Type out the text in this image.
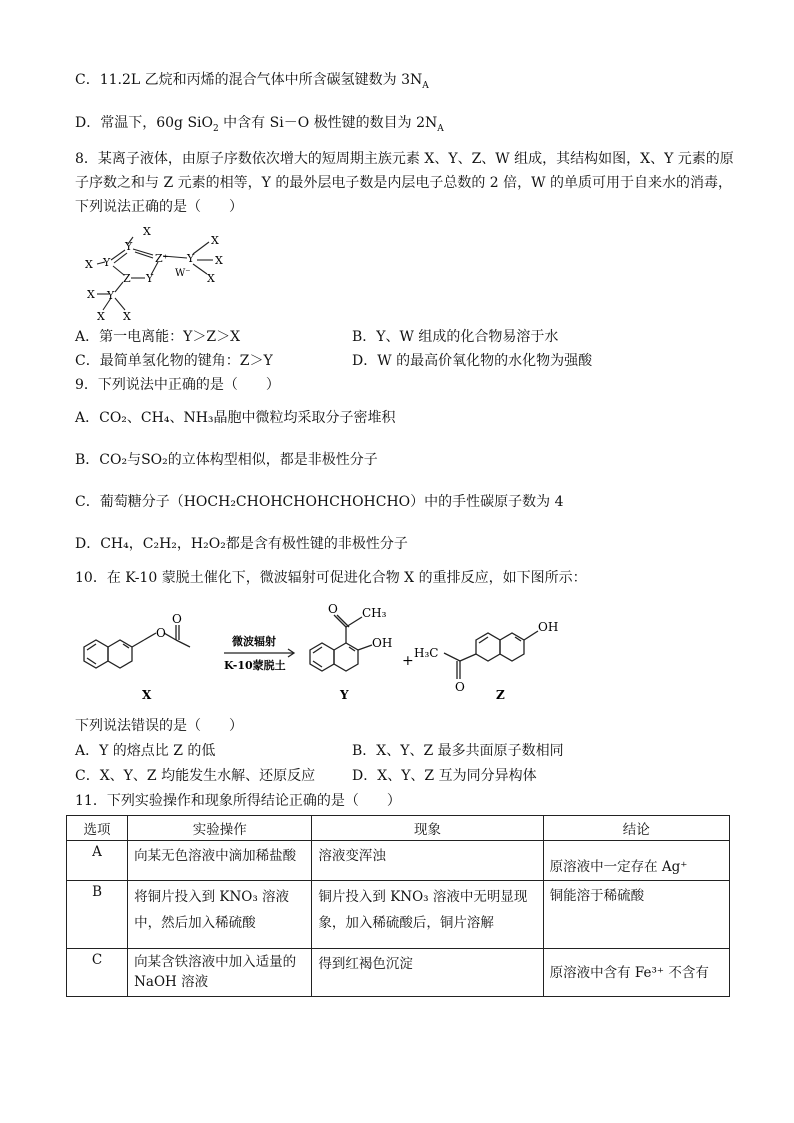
C．11.2L 乙烷和丙烯的混合气体中所含碳氢键数为 $3N_A$
D．常温下，60g SiO$_2$ 中含有 Si－O 极性键的数目为 $2N_A$
8．某离子液体，由原子序数依次增大的短周期主族元素 X、Y、Z、W 组成，其结构如图，X、Y 元素的原
子序数之和与 Z 元素的相等，Y 的最外层电子数是内层电子总数的 2 倍，W 的单质可用于自来水的消毒，
下列说法正确的是（　　）
X
Y
Y
X	Z⁺
Y
Z	W⁻
Y
X
X
X
Y
X
X X
A．第一电离能：Y＞Z＞X	B．Y、W 组成的化合物易溶于水
C．最简单氢化物的键角：Z＞Y	D．W 的最高价氧化物的水化物为强酸
9．下列说法中正确的是（　　）
A．CO₂、CH₄、NH₃晶胞中微粒均采取分子密堆积
B．CO₂与SO₂的立体构型相似，都是非极性分子
C．葡萄糖分子（HOCH₂CHOHCHOHCHOHCHO）中的手性碳原子数为 4
D．CH₄，C₂H₂，H₂O₂都是含有极性键的非极性分子
10．在 K-10 蒙脱土催化下，微波辐射可促进化合物 X 的重排反应，如下图所示：
O
O
微波辐射
K-10蒙脱土
O CH₃
OH
+ H₃C
O
OH
X	Y	Z
下列说法错误的是（　　）
A．Y 的熔点比 Z 的低	B．X、Y、Z 最多共面原子数相同
C．X、Y、Z 均能发生水解、还原反应	D．X、Y、Z 互为同分异构体
11．下列实验操作和现象所得结论正确的是（　　）
选项	实验操作	现象	结论
A	向某无色溶液中滴加稀盐酸	溶液变浑浊	原溶液中一定存在 Ag⁺
B	将铜片投入到 KNO₃ 溶液中，然后加入稀硫酸	铜片投入到 KNO₃ 溶液中无明显现象，加入稀硫酸后，铜片溶解	铜能溶于稀硫酸
C	向某含铁溶液中加入适量的 NaOH 溶液	得到红褐色沉淀	原溶液中含有 Fe³⁺ 不含有
